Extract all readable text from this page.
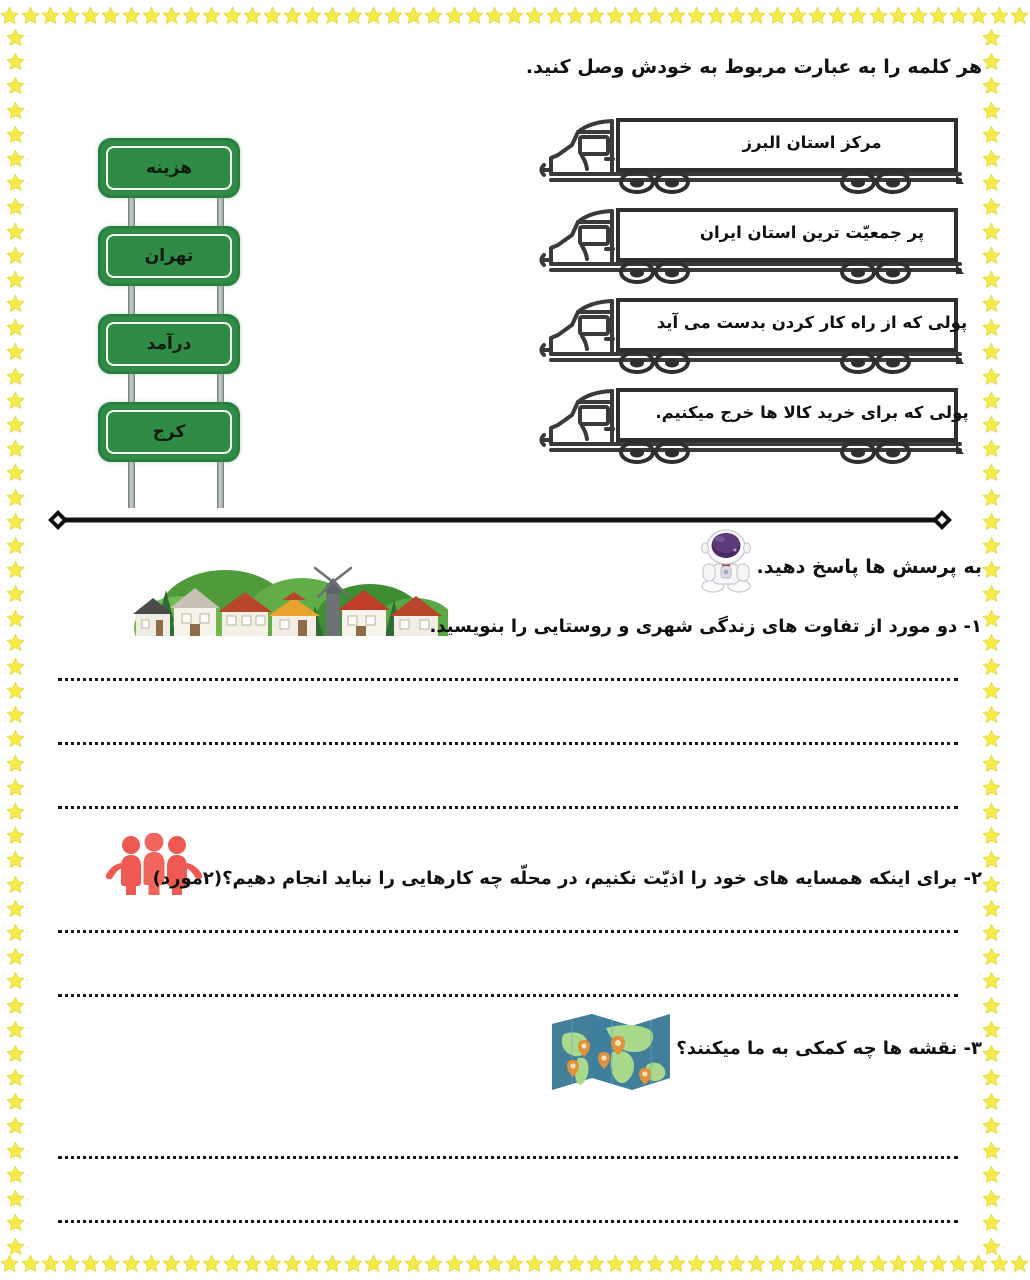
هر کلمه را به عبارت مربوط به خودش وصل کنید.
هزینه
تهران
درآمد
کرج
مرکز استان البرز
پر جمعیّت ترین استان ایران
پولی که از راه کار کردن بدست می آید
پولی که برای خرید کالا ها خرج میکنیم.
به پرسش ها پاسخ دهید.
۱- دو مورد از تفاوت های زندگی شهری و روستایی را بنویسید.
۲- برای اینکه همسایه های خود را اذیّت نکنیم، در محلّه چه کارهایی را نباید انجام دهیم؟(۲مورد)
۳- نقشه ها چه کمکی به ما میکنند؟
